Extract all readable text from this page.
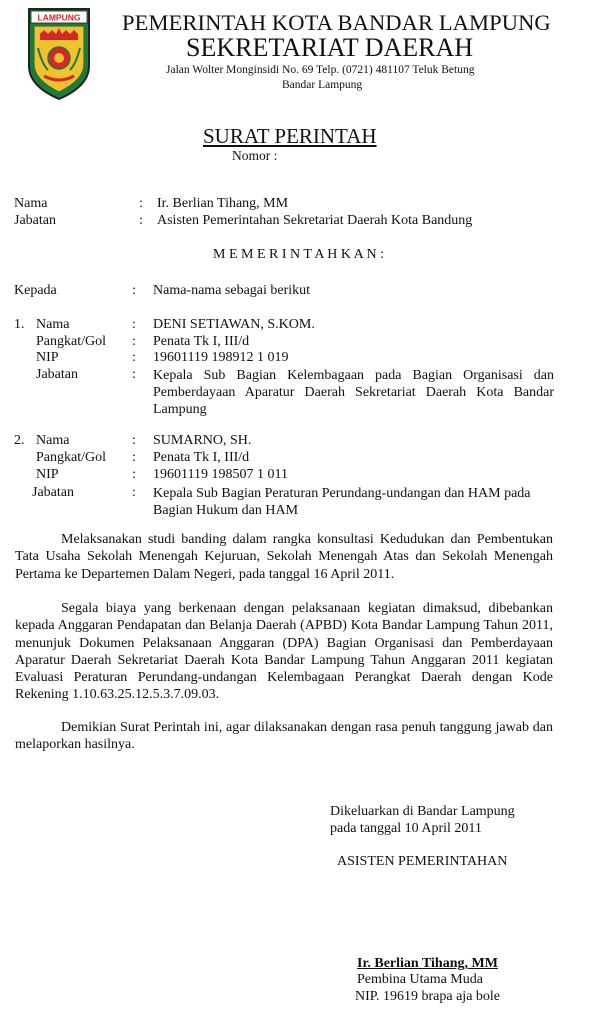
LAMPUNG PEMERINTAH KOTA BANDAR LAMPUNG
SEKRETARIAT DAERAH
Jalan Wolter Monginsidi No. 69 Telp. (0721) 481107 Teluk Betung
Bandar Lampung
SURAT PERINTAH
Nomor :
Nama	: Ir. Berlian Tihang, MM
Jabatan	: Asisten Pemerintahan Sekretariat Daerah Kota Bandung
M E M E R I N T A H K A N :
Kepada	: Nama-nama sebagai berikut
1. Nama	: DENI SETIAWAN, S.KOM.
Pangkat/Gol : Penata Tk I, III/d
NIP	: 19601119 198912 1 019
Jabatan	: Kepala Sub Bagian Kelembagaan pada Bagian Organisasi dan Pemberdayaan Aparatur Daerah Sekretariat Daerah Kota Bandar Lampung
2. Nama	: SUMARNO, SH.
Pangkat/Gol : Penata Tk I, III/d
NIP	: 19601119 198507 1 011
Jabatan	: Kepala Sub Bagian Peraturan Perundang-undangan dan HAM pada Bagian Hukum dan HAM
Melaksanakan studi banding dalam rangka konsultasi Kedudukan dan Pembentukan Tata Usaha Sekolah Menengah Kejuruan, Sekolah Menengah Atas dan Sekolah Menengah Pertama ke Departemen Dalam Negeri, pada tanggal 16 April 2011.
Segala biaya yang berkenaan dengan pelaksanaan kegiatan dimaksud, dibebankan kepada Anggaran Pendapatan dan Belanja Daerah (APBD) Kota Bandar Lampung Tahun 2011, menunjuk Dokumen Pelaksanaan Anggaran (DPA) Bagian Organisasi dan Pemberdayaan Aparatur Daerah Sekretariat Daerah Kota Bandar Lampung Tahun Anggaran 2011 kegiatan Evaluasi Peraturan Perundang-undangan Kelembagaan Perangkat Daerah dengan Kode Rekening 1.10.63.25.12.5.3.7.09.03.
Demikian Surat Perintah ini, agar dilaksanakan dengan rasa penuh tanggung jawab dan melaporkan hasilnya.
Dikeluarkan di Bandar Lampung
pada tanggal 10 April 2011
ASISTEN PEMERINTAHAN
Ir. Berlian Tihang, MM
Pembina Utama Muda
NIP. 19619 brapa aja bole
